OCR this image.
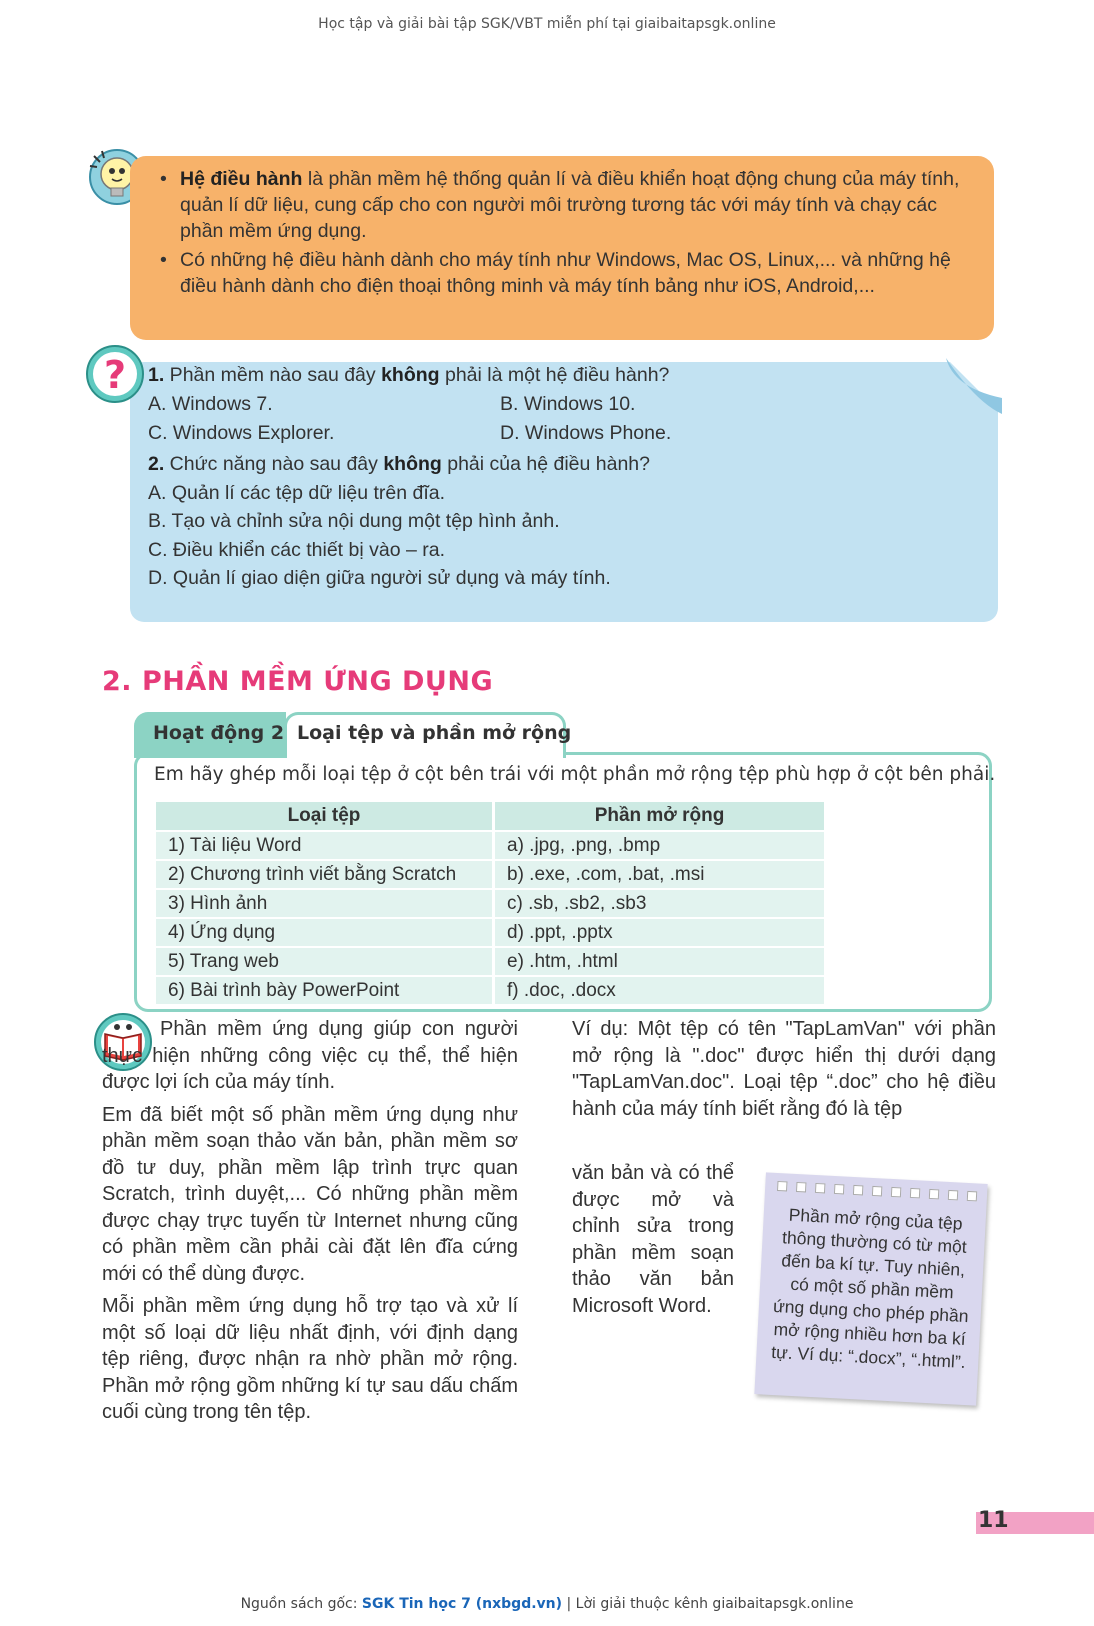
Học tập và giải bài tập SGK/VBT miễn phí tại giaibaitapsgk.online
• Hệ điều hành là phần mềm hệ thống quản lí và điều khiển hoạt động chung của máy tính, quản lí dữ liệu, cung cấp cho con người môi trường tương tác với máy tính và chạy các phần mềm ứng dụng.
• Có những hệ điều hành dành cho máy tính như Windows, Mac OS, Linux,... và những hệ điều hành dành cho điện thoại thông minh và máy tính bảng như iOS, Android,...
? 1. Phần mềm nào sau đây không phải là một hệ điều hành?
A. Windows 7.	B. Windows 10.
C. Windows Explorer.	D. Windows Phone.
2. Chức năng nào sau đây không phải của hệ điều hành?
A. Quản lí các tệp dữ liệu trên đĩa.
B. Tạo và chỉnh sửa nội dung một tệp hình ảnh.
C. Điều khiển các thiết bị vào – ra.
D. Quản lí giao diện giữa người sử dụng và máy tính.
2. PHẦN MỀM ỨNG DỤNG
Hoạt động 2 Loại tệp và phần mở rộng
Em hãy ghép mỗi loại tệp ở cột bên trái với một phần mở rộng tệp phù hợp ở cột bên phải.
Loại tệp	Phần mở rộng
1) Tài liệu Word	a) .jpg, .png, .bmp
2) Chương trình viết bằng Scratch	b) .exe, .com, .bat, .msi
3) Hình ảnh	c) .sb, .sb2, .sb3
4) Ứng dụng	d) .ppt, .pptx
5) Trang web	e) .htm, .html
6) Bài trình bày PowerPoint	f) .doc, .docx
Phần mềm ứng dụng giúp con người thực hiện những công việc cụ thể, thể hiện được lợi ích của máy tính.
Em đã biết một số phần mềm ứng dụng như phần mềm soạn thảo văn bản, phần mềm sơ đồ tư duy, phần mềm lập trình trực quan Scratch, trình duyệt,... Có những phần mềm được chạy trực tuyến từ Internet nhưng cũng có phần mềm cần phải cài đặt lên đĩa cứng mới có thể dùng được.
Mỗi phần mềm ứng dụng hỗ trợ tạo và xử lí một số loại dữ liệu nhất định, với định dạng tệp riêng, được nhận ra nhờ phần mở rộng. Phần mở rộng gồm những kí tự sau dấu chấm cuối cùng trong tên tệp.
Ví dụ: Một tệp có tên "TapLamVan" với phần mở rộng là ".doc" được hiển thị dưới dạng "TapLamVan.doc". Loại tệp “.doc” cho hệ điều hành của máy tính biết rằng đó là tệp
văn bản và có thể được mở và chỉnh sửa trong phần mềm soạn thảo văn bản Microsoft Word.
Phần mở rộng của tệp thông thường có từ một đến ba kí tự. Tuy nhiên, có một số phần mềm ứng dụng cho phép phần mở rộng nhiều hơn ba kí tự. Ví dụ: “.docx”, “.html”.
11
Nguồn sách gốc: SGK Tin học 7 (nxbgd.vn) | Lời giải thuộc kênh giaibaitapsgk.online
